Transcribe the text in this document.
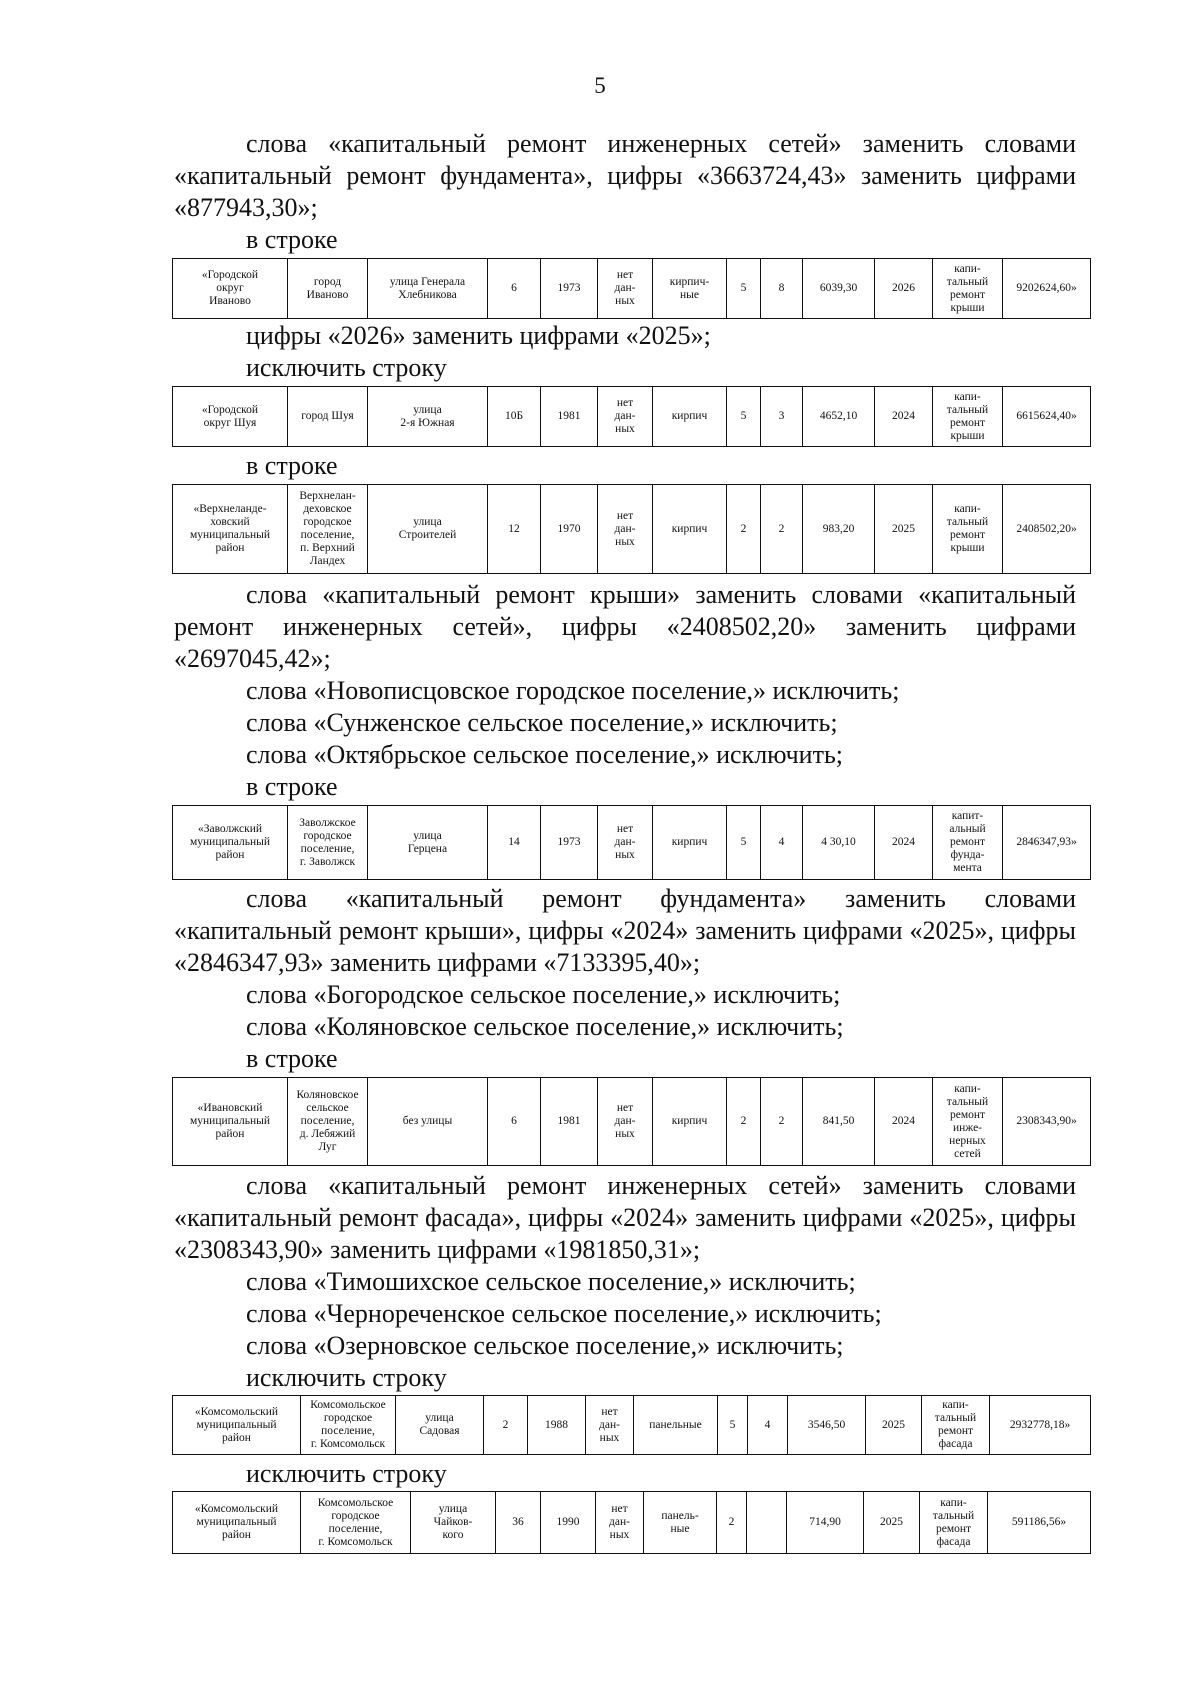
5
слова «капитальный ремонт инженерных сетей» заменить словами «капитальный ремонт фундамента», цифры «3663724,43» заменить цифрами «877943,30»;
в строке
«Городской
округ
Иваново	город
Иваново	улица Генерала
Хлебникова	6	1973	нет
дан-
ных	кирпич-
ные	5	8	6039,30	2026	капи-
тальный
ремонт
крыши	9202624,60»
цифры «2026» заменить цифрами «2025»;
исключить строку
«Городской
округ Шуя	город Шуя	улица
2-я Южная	10Б	1981	нет
дан-
ных	кирпич	5	3	4652,10	2024	капи-
тальный
ремонт
крыши	6615624,40»
в строке
«Верхнеланде-
ховский
муниципальный
район	Верхнелан-
деховское
городское
поселение,
п. Верхний
Ландех	улица
Строителей	12	1970	нет
дан-
ных	кирпич	2	2	983,20	2025	капи-
тальный
ремонт
крыши	2408502,20»
слова «капитальный ремонт крыши» заменить словами «капитальный ремонт инженерных сетей», цифры «2408502,20» заменить цифрами «2697045,42»;
слова «Новописцовское городское поселение,» исключить;
слова «Сунженское сельское поселение,» исключить;
слова «Октябрьское сельское поселение,» исключить;
в строке
«Заволжский
муниципальный
район	Заволжское
городское
поселение,
г. Заволжск	улица
Герцена	14	1973	нет
дан-
ных	кирпич	5	4	4 30,10	2024	капит-
альный
ремонт
фунда-
мента	2846347,93»
слова «капитальный ремонт фундамента» заменить словами «капитальный ремонт крыши», цифры «2024» заменить цифрами «2025», цифры «2846347,93» заменить цифрами «7133395,40»;
слова «Богородское сельское поселение,» исключить;
слова «Коляновское сельское поселение,» исключить;
в строке
«Ивановский
муниципальный
район	Коляновское
сельское
поселение,
д. Лебяжий
Луг	без улицы	6	1981	нет
дан-
ных	кирпич	2	2	841,50	2024	капи-
тальный
ремонт
инже-
нерных
сетей	2308343,90»
слова «капитальный ремонт инженерных сетей» заменить словами «капитальный ремонт фасада», цифры «2024» заменить цифрами «2025», цифры «2308343,90» заменить цифрами «1981850,31»;
слова «Тимошихское сельское поселение,» исключить;
слова «Чернореченское сельское поселение,» исключить;
слова «Озерновское сельское поселение,» исключить;
исключить строку
«Комсомольский
муниципальный
район	Комсомольское
городское
поселение,
г. Комсомольск	улица
Садовая	2	1988	нет
дан-
ных	панельные	5	4	3546,50	2025	капи-
тальный
ремонт
фасада	2932778,18»
исключить строку
«Комсомольский
муниципальный
район	Комсомольское
городское
поселение,
г. Комсомольск	улица
Чайков-
кого	36	1990	нет
дан-
ных	панель-
ные	2		714,90	2025	капи-
тальный
ремонт
фасада	591186,56»
